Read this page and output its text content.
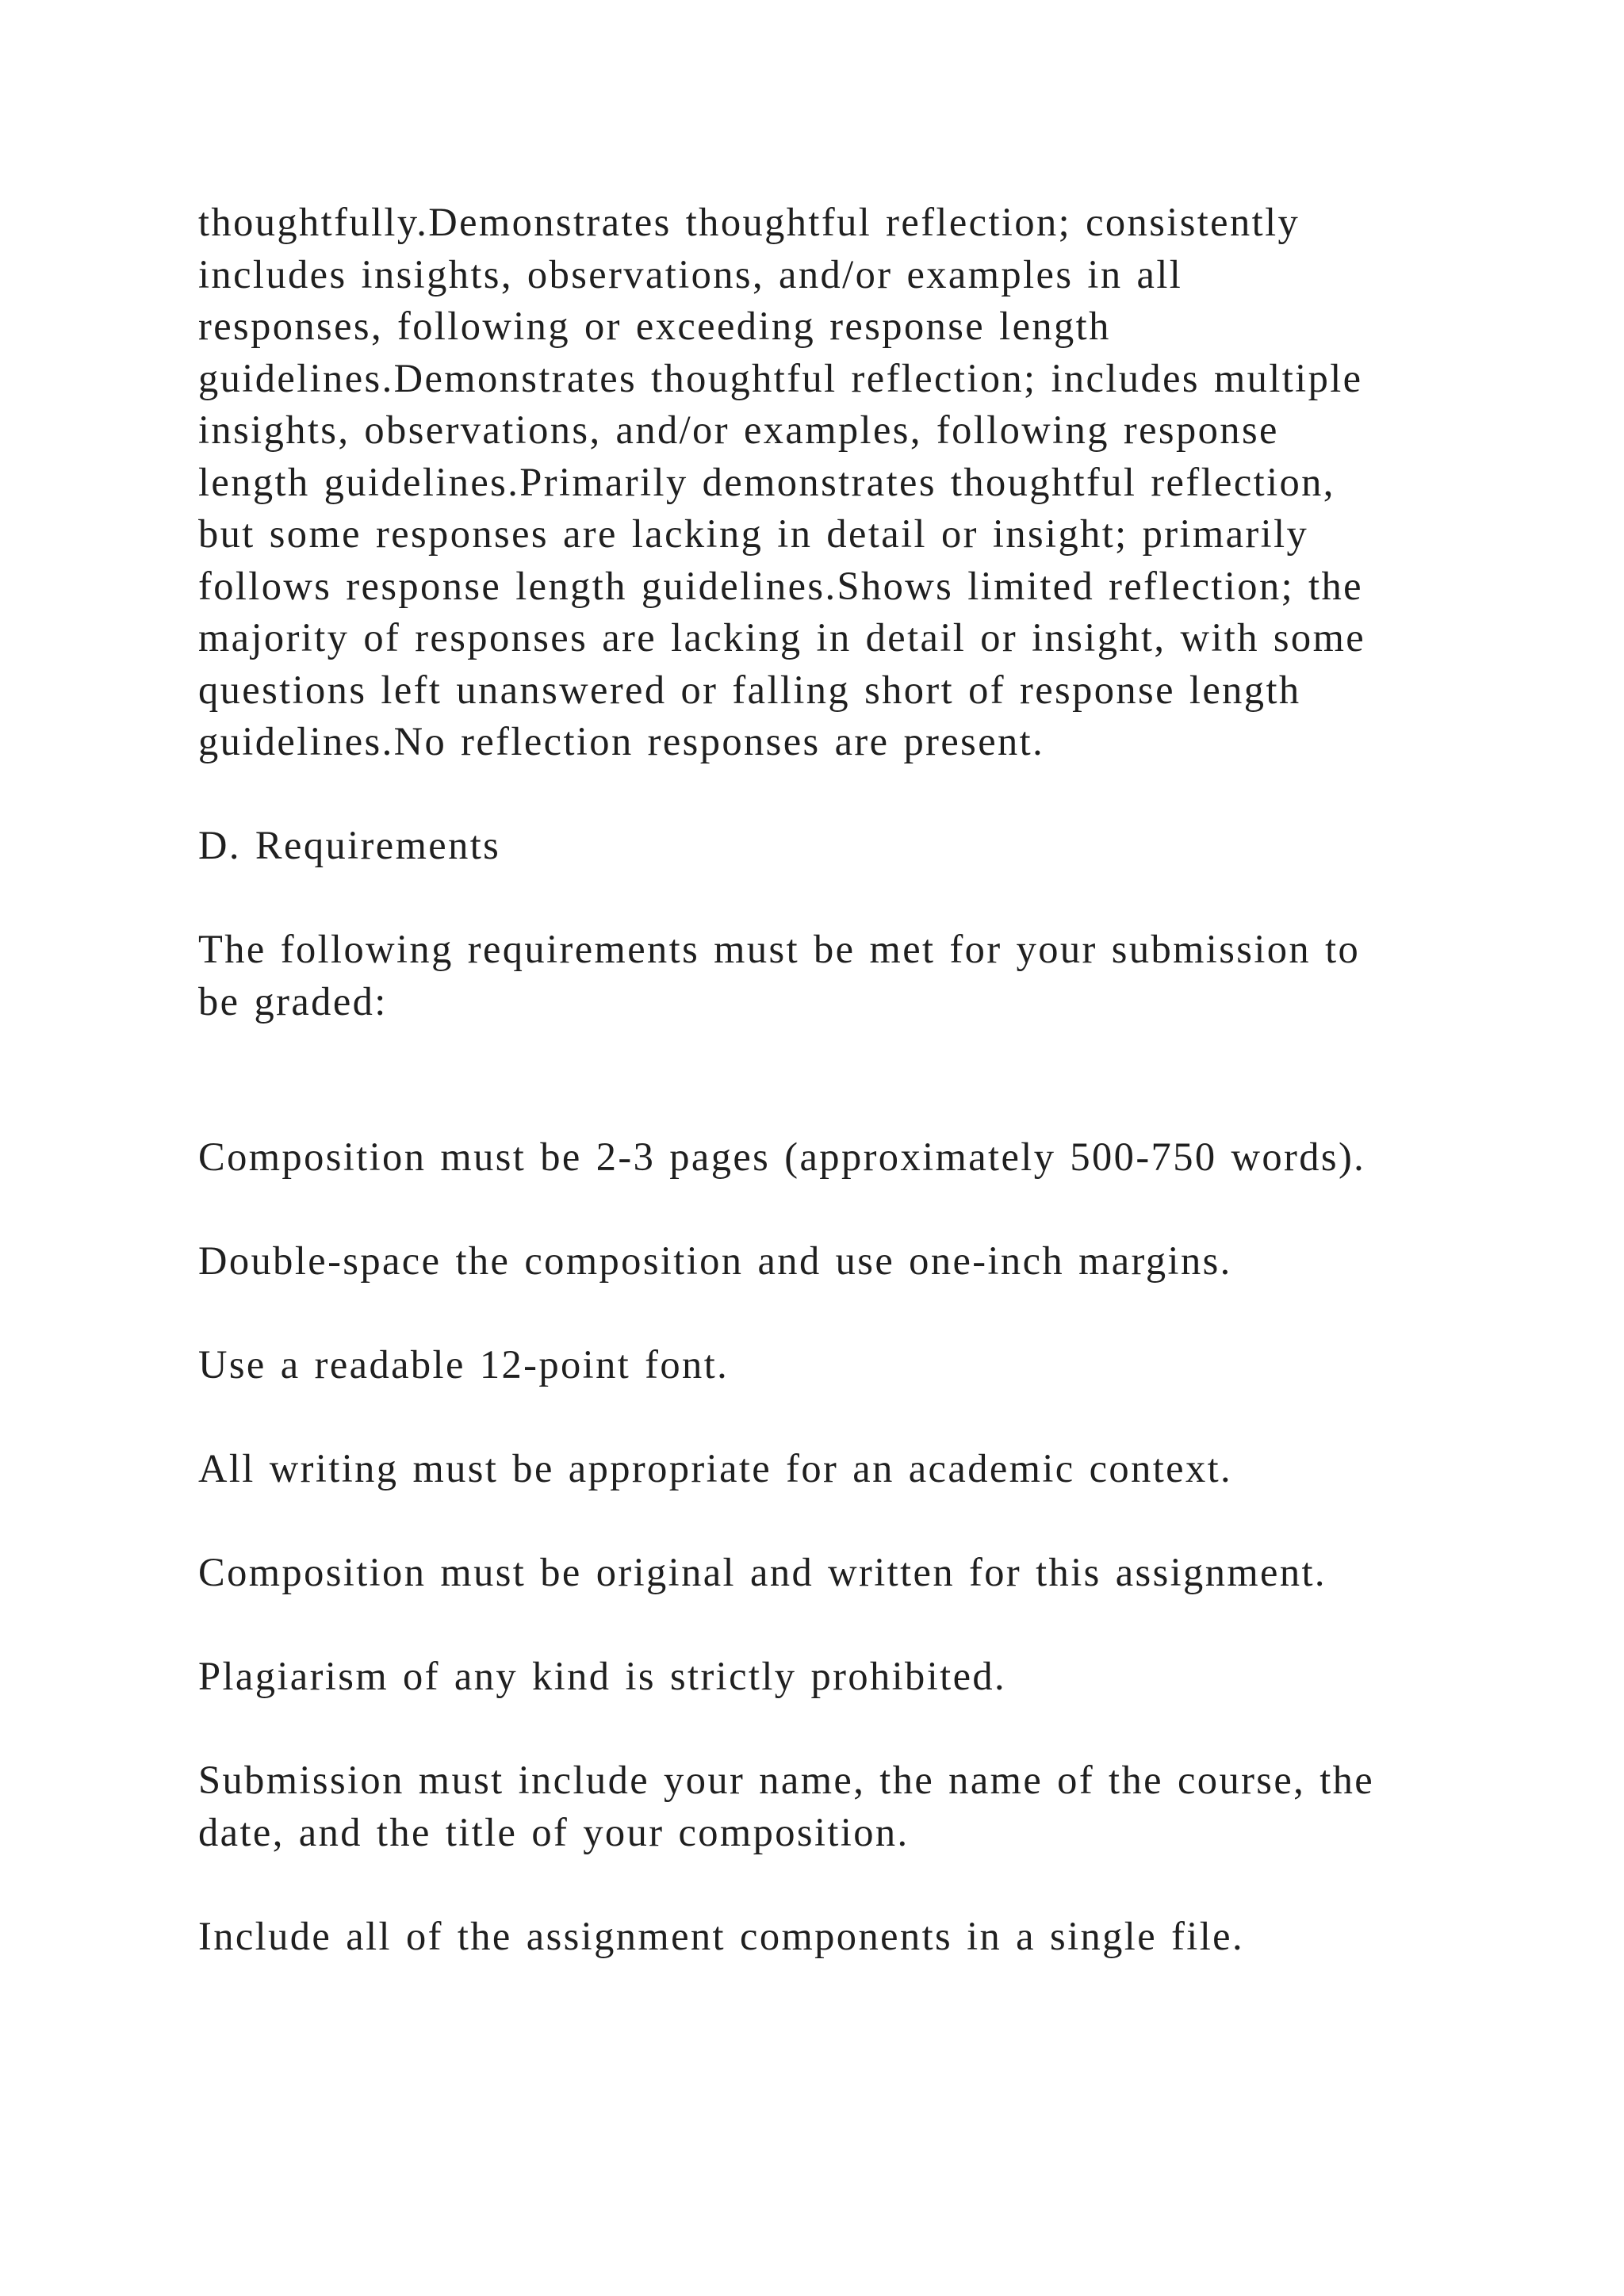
thoughtfully.Demonstrates thoughtful reflection; consistently
includes insights, observations, and/or examples in all
responses, following or exceeding response length
guidelines.Demonstrates thoughtful reflection; includes multiple
insights, observations, and/or examples, following response
length guidelines.Primarily demonstrates thoughtful reflection,
but some responses are lacking in detail or insight; primarily
follows response length guidelines.Shows limited reflection; the
majority of responses are lacking in detail or insight, with some
questions left unanswered or falling short of response length
guidelines.No reflection responses are present.

D. Requirements

The following requirements must be met for your submission to
be graded:

Composition must be 2-3 pages (approximately 500-750 words).

Double-space the composition and use one-inch margins.

Use a readable 12-point font.

All writing must be appropriate for an academic context.

Composition must be original and written for this assignment.

Plagiarism of any kind is strictly prohibited.

Submission must include your name, the name of the course, the
date, and the title of your composition.

Include all of the assignment components in a single file.
